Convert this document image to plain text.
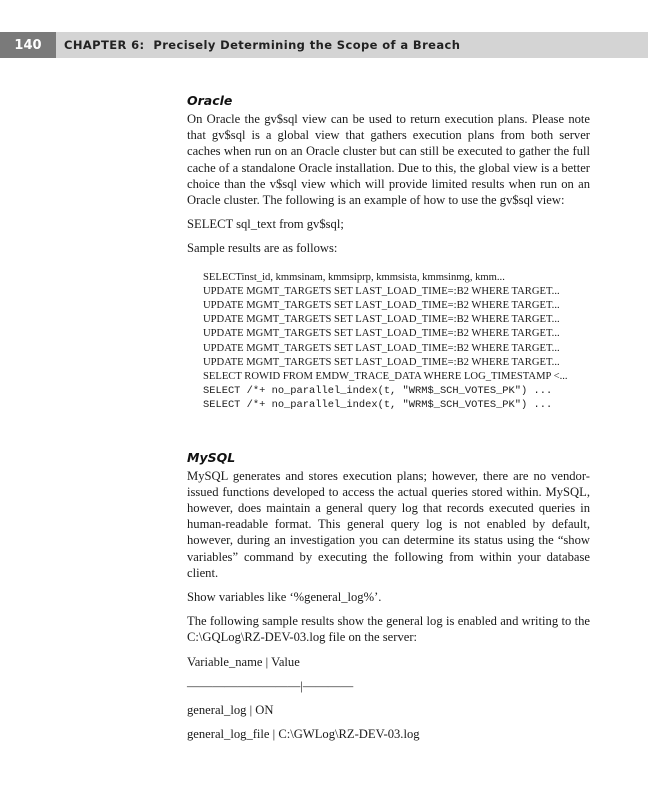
140	CHAPTER 6: Precisely Determining the Scope of a Breach
Oracle

On Oracle the gv$sql view can be used to return execution plans. Please note that gv$sql is a global view that gathers execution plans from both server caches when run on an Oracle cluster but can still be executed to gather the full cache of a standalone Oracle installation. Due to this, the global view is a better choice than the v$sql view which will provide limited results when run on an Oracle cluster. The following is an example of how to use the gv$sql view:

SELECT sql_text from gv$sql;

Sample results are as follows:

SELECTinst_id, kmmsinam, kmmsiprp, kmmsista, kmmsinmg, kmm...
UPDATE MGMT_TARGETS SET LAST_LOAD_TIME=:B2 WHERE TARGET...
UPDATE MGMT_TARGETS SET LAST_LOAD_TIME=:B2 WHERE TARGET...
UPDATE MGMT_TARGETS SET LAST_LOAD_TIME=:B2 WHERE TARGET...
UPDATE MGMT_TARGETS SET LAST_LOAD_TIME=:B2 WHERE TARGET...
UPDATE MGMT_TARGETS SET LAST_LOAD_TIME=:B2 WHERE TARGET...
UPDATE MGMT_TARGETS SET LAST_LOAD_TIME=:B2 WHERE TARGET...
SELECT ROWID FROM EMDW_TRACE_DATA WHERE LOG_TIMESTAMP <...
SELECT /*+ no_parallel_index(t, "WRM$_SCH_VOTES_PK") ...
SELECT /*+ no_parallel_index(t, "WRM$_SCH_VOTES_PK") ...
MySQL

MySQL generates and stores execution plans; however, there are no vendor-issued functions developed to access the actual queries stored within. MySQL, however, does maintain a general query log that records executed queries in human-readable format. This general query log is not enabled by default, however, during an investigation you can determine its status using the “show variables” command by executing the following from within your database client.

Show variables like ‘%general_log%’.

The following sample results show the general log is enabled and writing to the C:\GQLog\RZ-DEV-03.log file on the server:

Variable_name | Value

—————————|————

general_log | ON

general_log_file | C:\GWLog\RZ-DEV-03.log
